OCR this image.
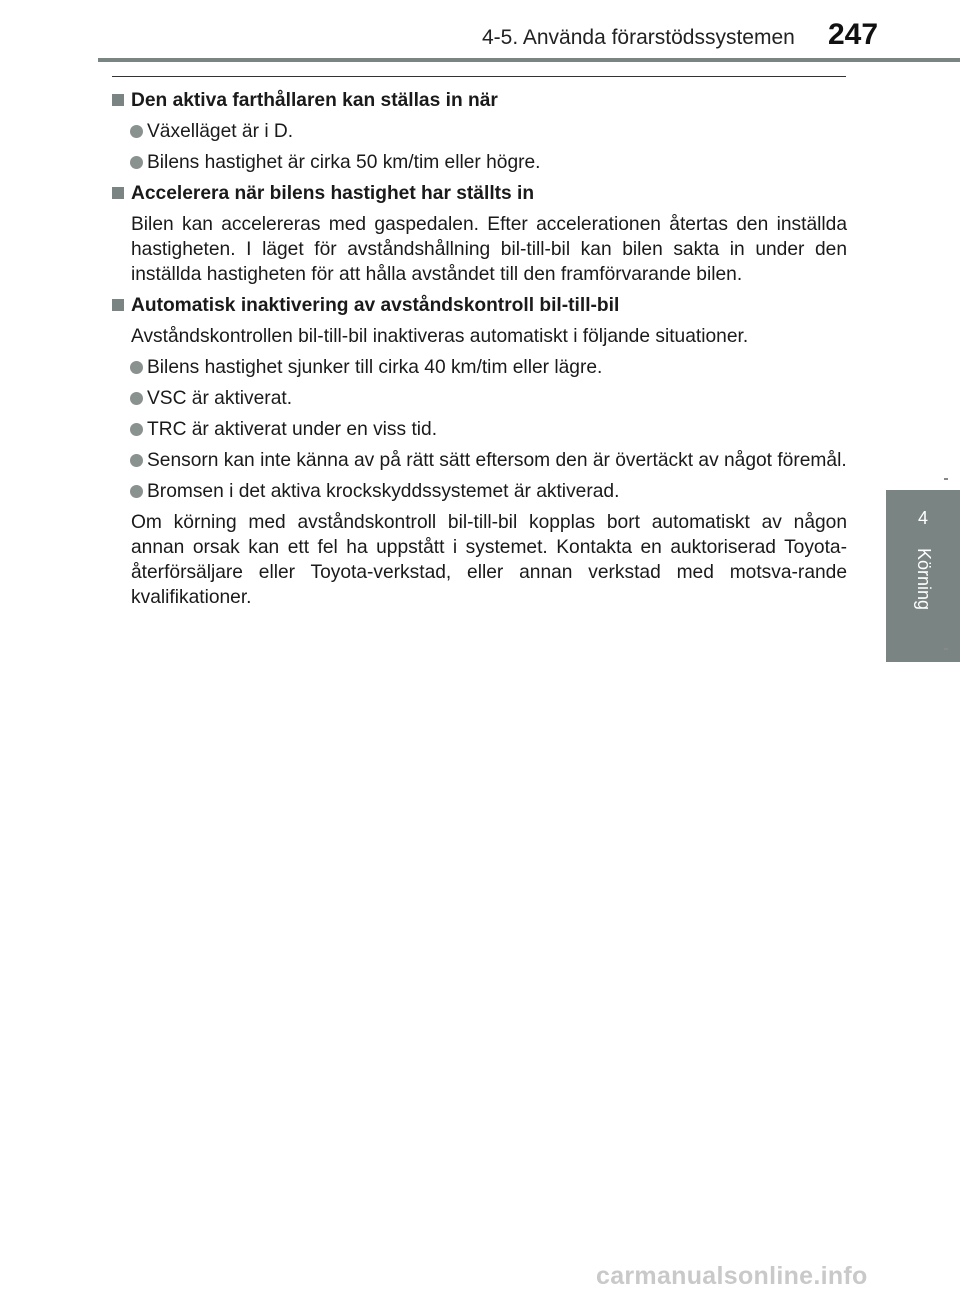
4-5. Använda förarstödssystemen 247
4
Körning
Den aktiva farthållaren kan ställas in när
Växelläget är i D.
Bilens hastighet är cirka 50 km/tim eller högre.
Accelerera när bilens hastighet har ställts in
Bilen kan accelereras med gaspedalen. Efter accelerationen återtas den inställda hastigheten. I läget för avståndshållning bil-till-bil kan bilen sakta in under den inställda hastigheten för att hålla avståndet till den framförvarande bilen.
Automatisk inaktivering av avståndskontroll bil-till-bil
Avståndskontrollen bil-till-bil inaktiveras automatiskt i följande situationer.
Bilens hastighet sjunker till cirka 40 km/tim eller lägre.
VSC är aktiverat.
TRC är aktiverat under en viss tid.
Sensorn kan inte känna av på rätt sätt eftersom den är övertäckt av något föremål.
Bromsen i det aktiva krockskyddssystemet är aktiverad.
Om körning med avståndskontroll bil-till-bil kopplas bort automatiskt av någon annan orsak kan ett fel ha uppstått i systemet. Kontakta en auktoriserad Toyota-återförsäljare eller Toyota-verkstad, eller annan verkstad med motsva-rande kvalifikationer.
carmanualsonline.info
